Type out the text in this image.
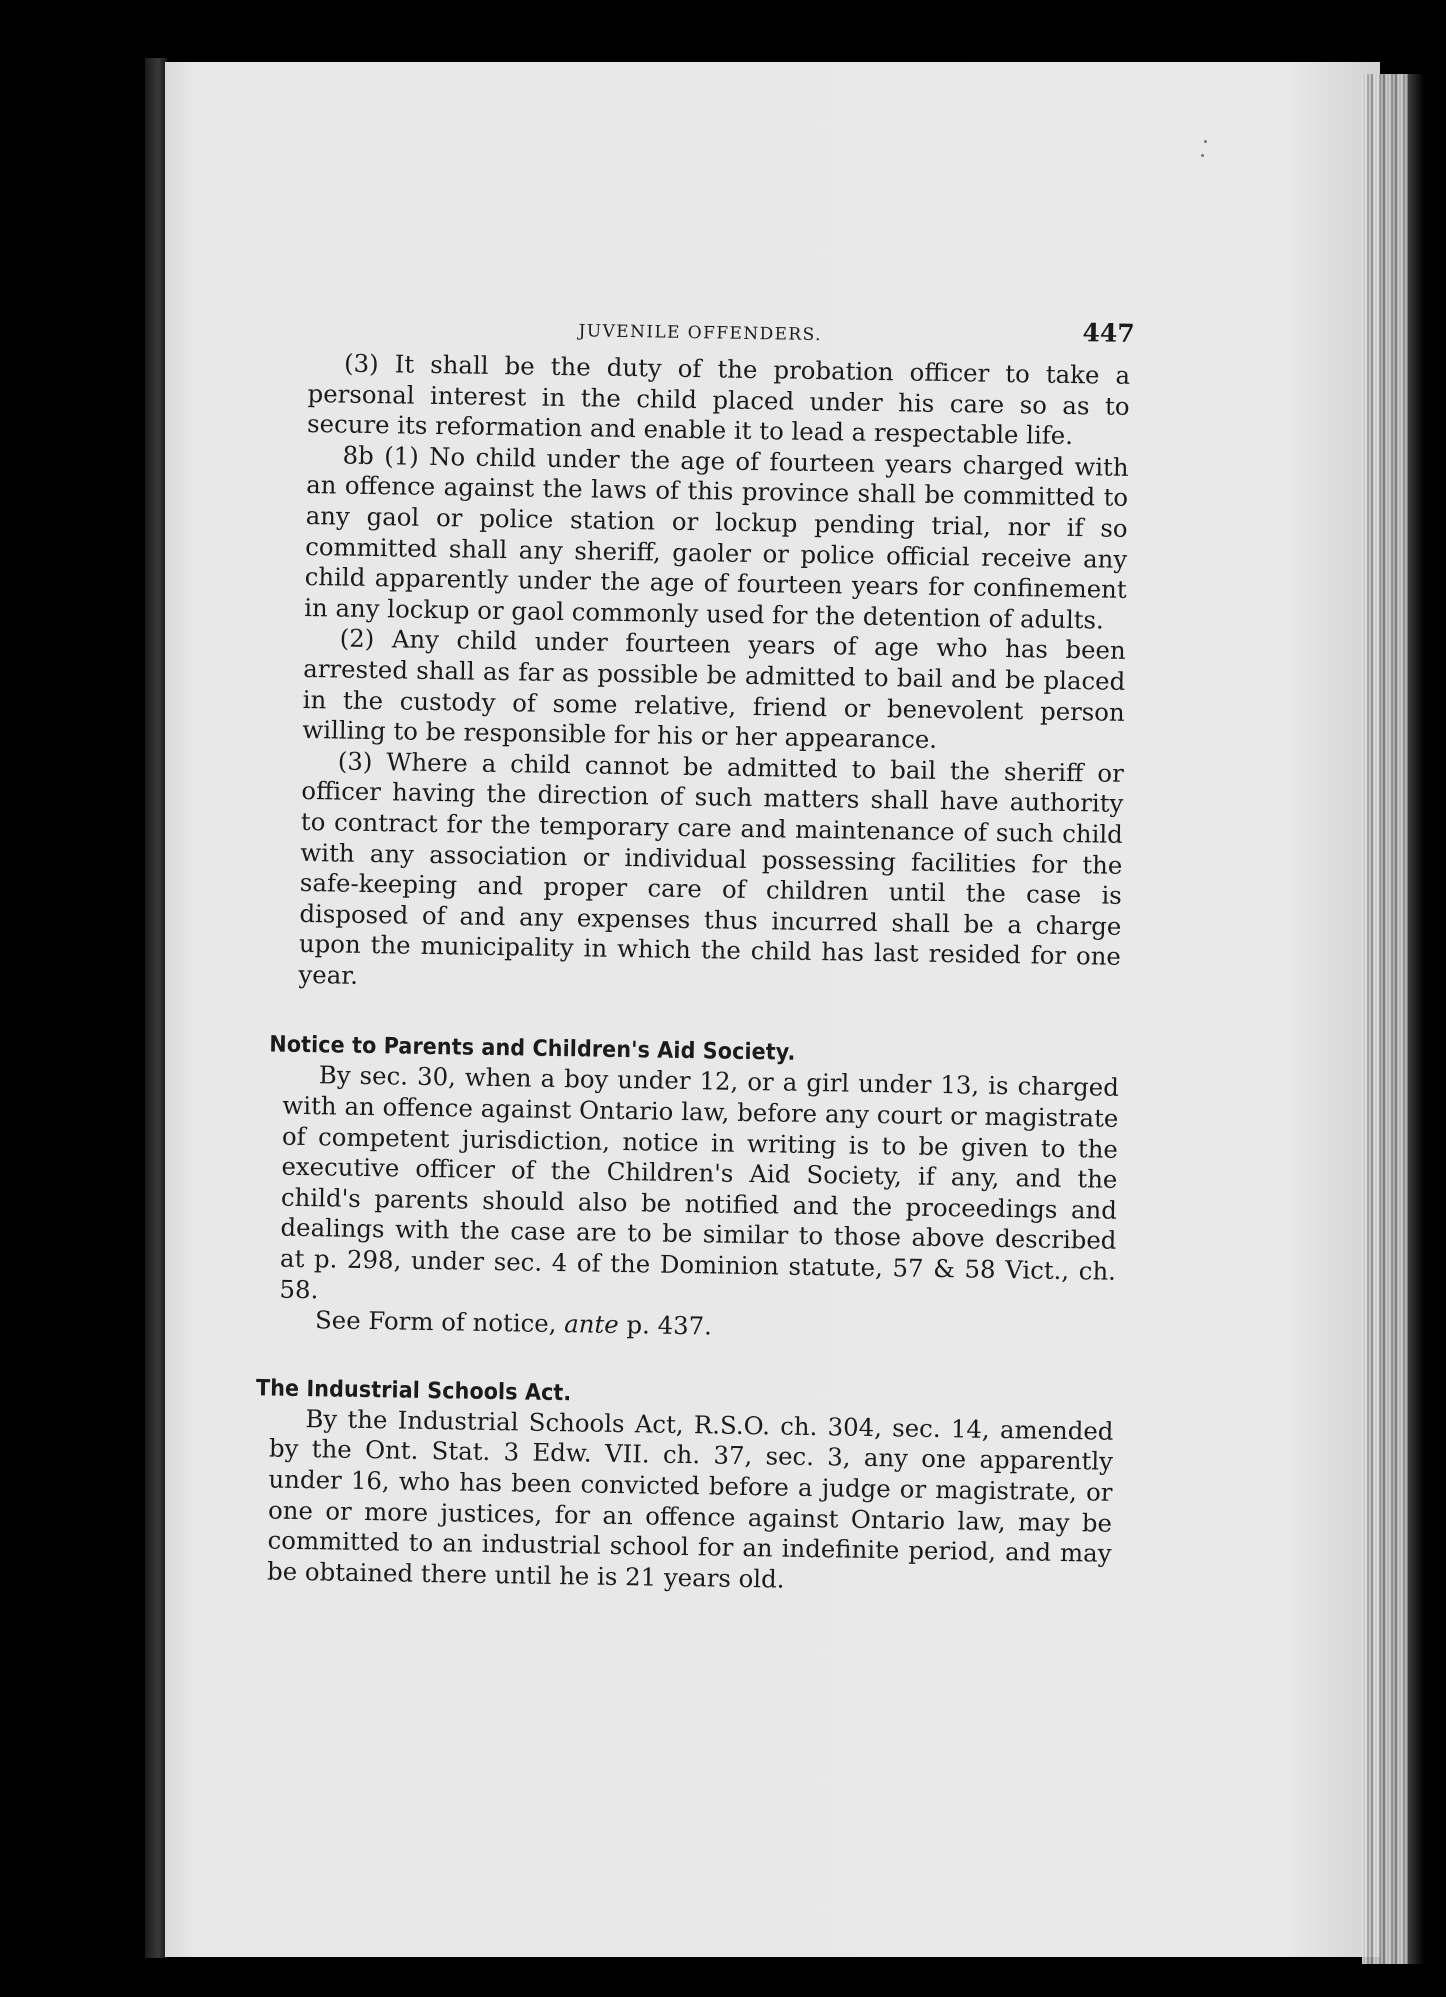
JUVENILE OFFENDERS.	447

(3) It shall be the duty of the probation officer to take a personal interest in the child placed under his care so as to secure its reformation and enable it to lead a respectable life.

8b (1) No child under the age of fourteen years charged with an offence against the laws of this province shall be committed to any gaol or police station or lockup pending trial, nor if so committed shall any sheriff, gaoler or police official receive any child apparently under the age of fourteen years for confinement in any lockup or gaol commonly used for the detention of adults.

(2) Any child under fourteen years of age who has been arrested shall as far as possible be admitted to bail and be placed in the custody of some relative, friend or benevolent person willing to be responsible for his or her appearance.

(3) Where a child cannot be admitted to bail the sheriff or officer having the direction of such matters shall have authority to contract for the temporary care and maintenance of such child with any association or individual possessing facilities for the safe-keeping and proper care of children until the case is disposed of and any expenses thus incurred shall be a charge upon the municipality in which the child has last resided for one year.

Notice to Parents and Children's Aid Society.

By sec. 30, when a boy under 12, or a girl under 13, is charged with an offence against Ontario law, before any court or magistrate of competent jurisdiction, notice in writing is to be given to the executive officer of the Children's Aid Society, if any, and the child's parents should also be notified and the proceedings and dealings with the case are to be similar to those above described at p. 298, under sec. 4 of the Dominion statute, 57 & 58 Vict., ch. 58.

See Form of notice, ante p. 437.

The Industrial Schools Act.

By the Industrial Schools Act, R.S.O. ch. 304, sec. 14, amended by the Ont. Stat. 3 Edw. VII. ch. 37, sec. 3, any one apparently under 16, who has been convicted before a judge or magistrate, or one or more justices, for an offence against Ontario law, may be committed to an industrial school for an indefinite period, and may be obtained there until he is 21 years old.
